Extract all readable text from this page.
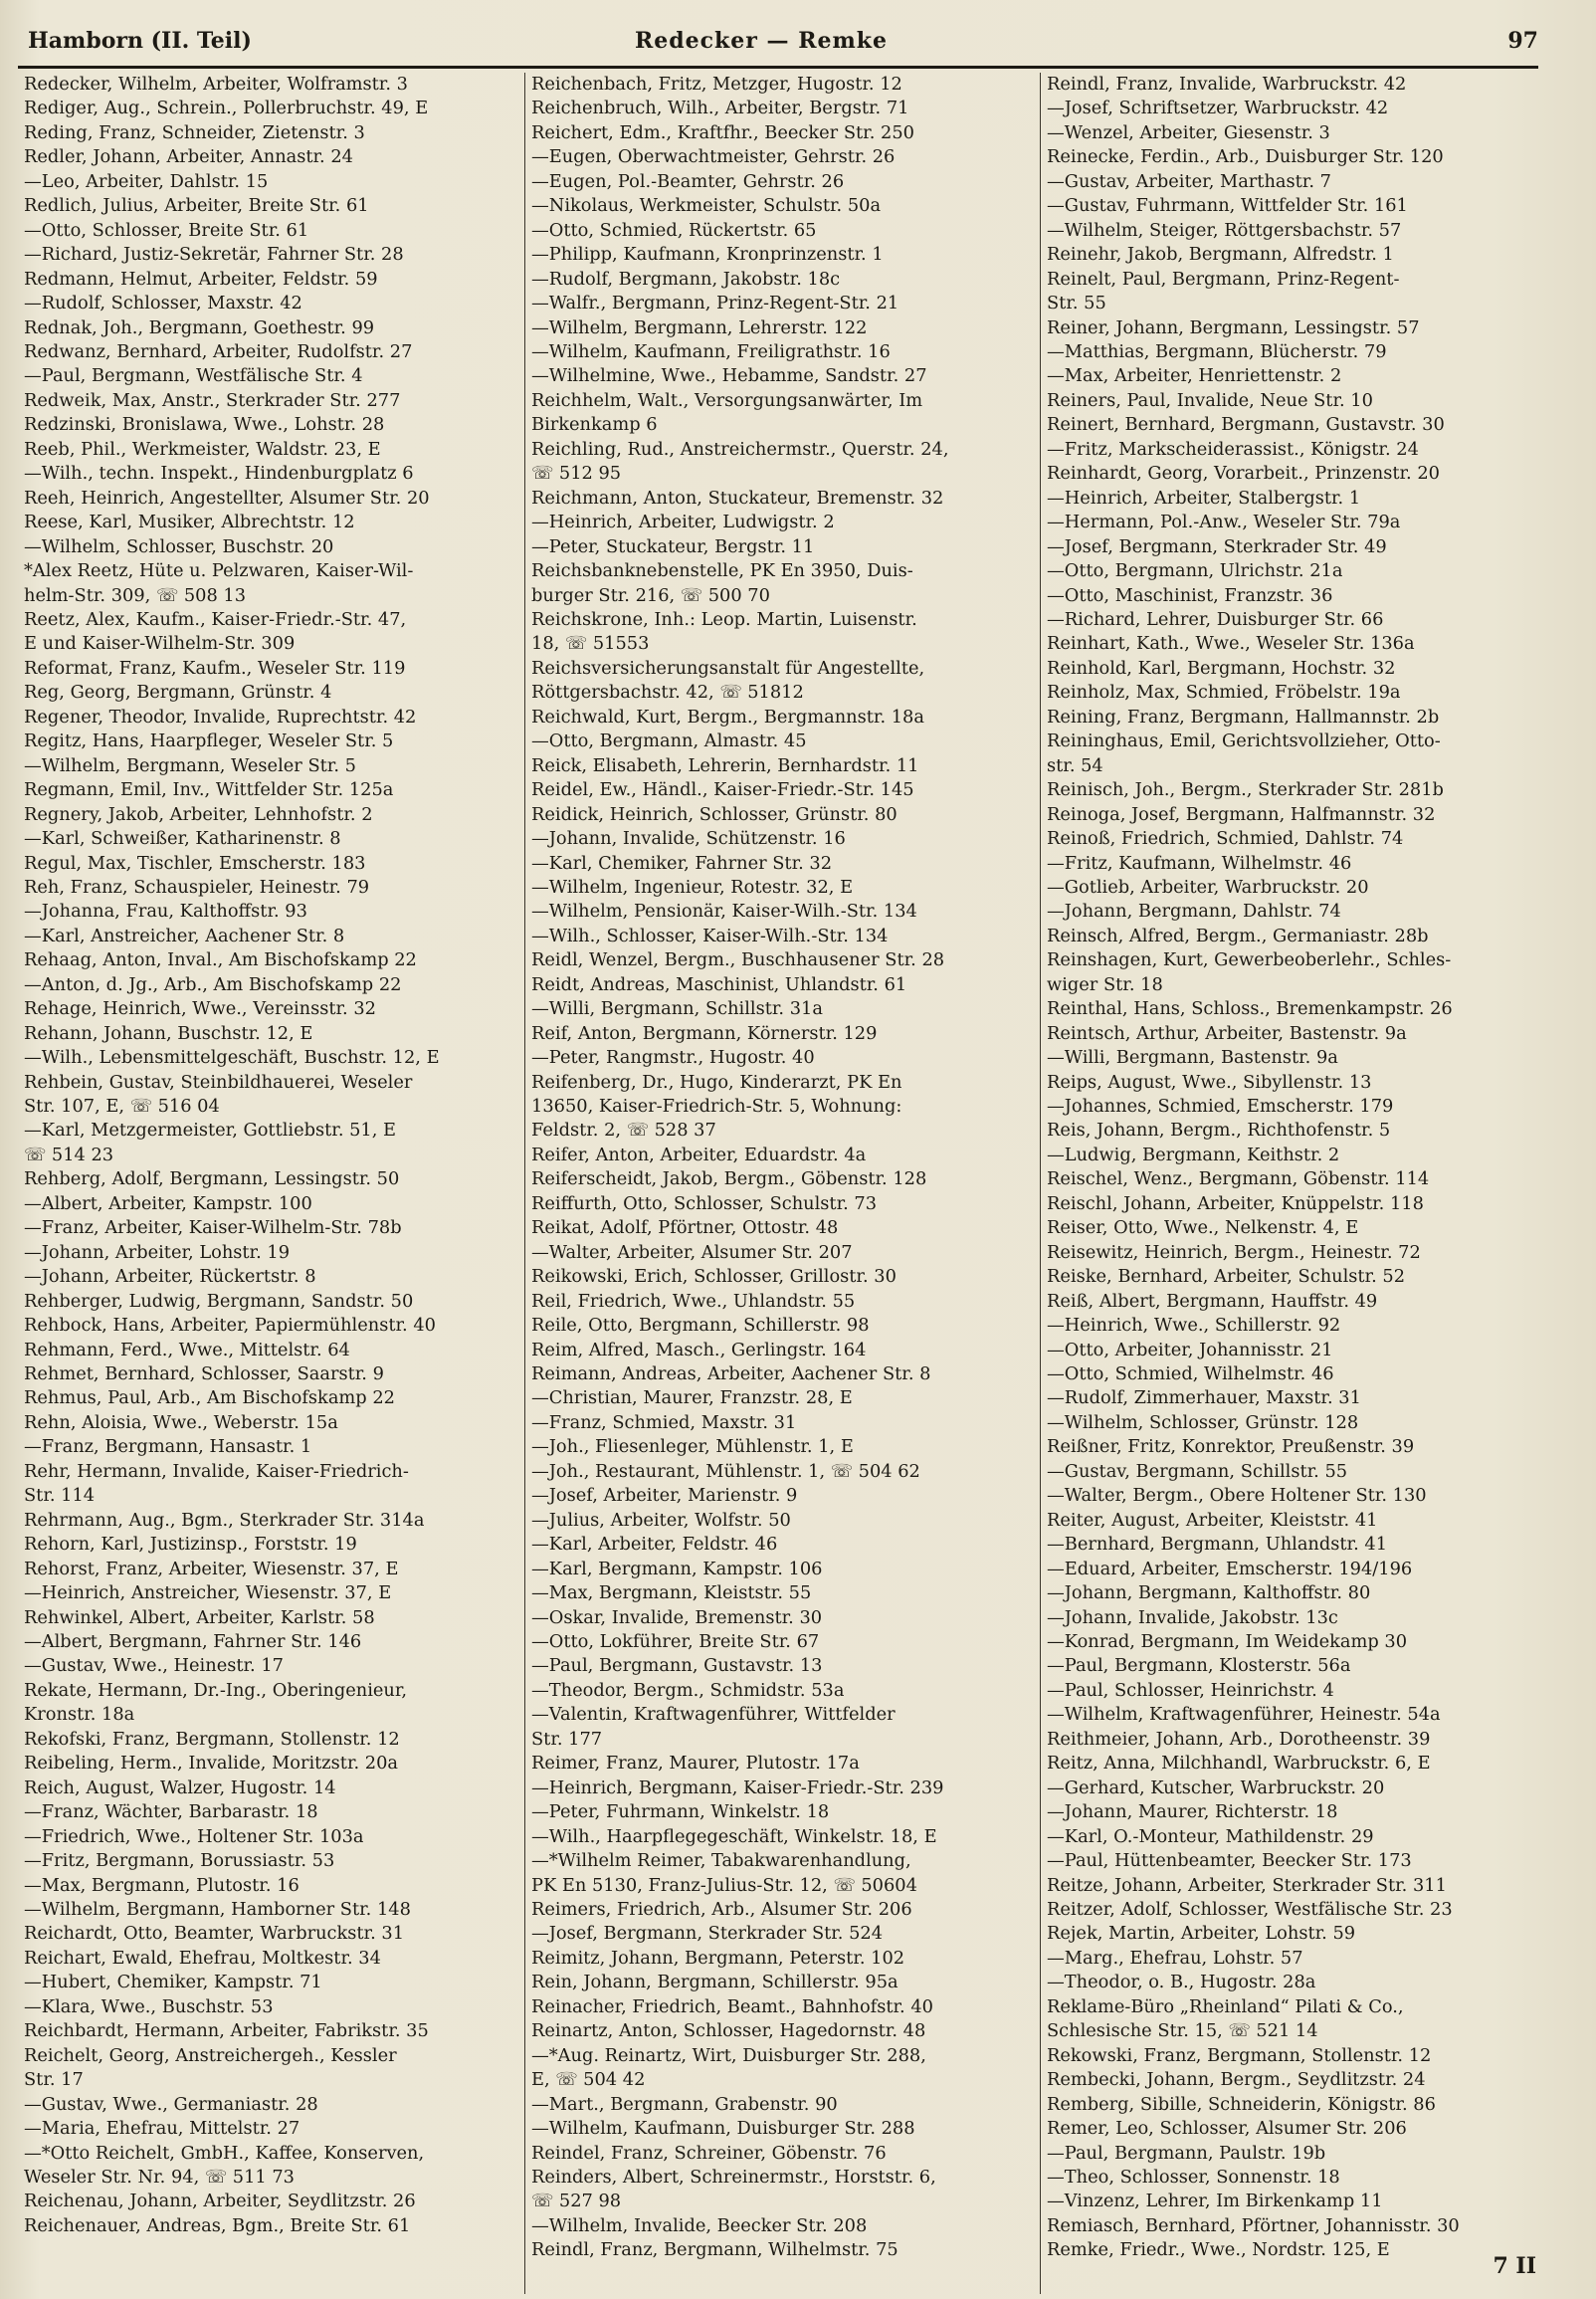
Hamborn (II. Teil)	Redecker — Remke	97
Redecker, Wilhelm, Arbeiter, Wolframstr. 3
Rediger, Aug., Schrein., Pollerbruchstr. 49, E
Reding, Franz, Schneider, Zietenstr. 3
Redler, Johann, Arbeiter, Annastr. 24
—Leo, Arbeiter, Dahlstr. 15
Redlich, Julius, Arbeiter, Breite Str. 61
—Otto, Schlosser, Breite Str. 61
—Richard, Justiz-Sekretär, Fahrner Str. 28
Redmann, Helmut, Arbeiter, Feldstr. 59
—Rudolf, Schlosser, Maxstr. 42
Rednak, Joh., Bergmann, Goethestr. 99
Redwanz, Bernhard, Arbeiter, Rudolfstr. 27
—Paul, Bergmann, Westfälische Str. 4
Redweik, Max, Anstr., Sterkrader Str. 277
Redzinski, Bronislawa, Wwe., Lohstr. 28
Reeb, Phil., Werkmeister, Waldstr. 23, E
—Wilh., techn. Inspekt., Hindenburgplatz 6
Reeh, Heinrich, Angestellter, Alsumer Str. 20
Reese, Karl, Musiker, Albrechtstr. 12
—Wilhelm, Schlosser, Buschstr. 20
*Alex Reetz, Hüte u. Pelzwaren, Kaiser-Wil-
helm-Str. 309, ☏ 508 13
Reetz, Alex, Kaufm., Kaiser-Friedr.-Str. 47,
E und Kaiser-Wilhelm-Str. 309
Reformat, Franz, Kaufm., Weseler Str. 119
Reg, Georg, Bergmann, Grünstr. 4
Regener, Theodor, Invalide, Ruprechtstr. 42
Regitz, Hans, Haarpfleger, Weseler Str. 5
—Wilhelm, Bergmann, Weseler Str. 5
Regmann, Emil, Inv., Wittfelder Str. 125a
Regnery, Jakob, Arbeiter, Lehnhofstr. 2
—Karl, Schweißer, Katharinenstr. 8
Regul, Max, Tischler, Emscherstr. 183
Reh, Franz, Schauspieler, Heinestr. 79
—Johanna, Frau, Kalthoffstr. 93
—Karl, Anstreicher, Aachener Str. 8
Rehaag, Anton, Inval., Am Bischofskamp 22
—Anton, d. Jg., Arb., Am Bischofskamp 22
Rehage, Heinrich, Wwe., Vereinsstr. 32
Rehann, Johann, Buschstr. 12, E
—Wilh., Lebensmittelgeschäft, Buschstr. 12, E
Rehbein, Gustav, Steinbildhauerei, Weseler
Str. 107, E, ☏ 516 04
—Karl, Metzgermeister, Gottliebstr. 51, E
☏ 514 23
Rehberg, Adolf, Bergmann, Lessingstr. 50
—Albert, Arbeiter, Kampstr. 100
—Franz, Arbeiter, Kaiser-Wilhelm-Str. 78b
—Johann, Arbeiter, Lohstr. 19
—Johann, Arbeiter, Rückertstr. 8
Rehberger, Ludwig, Bergmann, Sandstr. 50
Rehbock, Hans, Arbeiter, Papiermühlenstr. 40
Rehmann, Ferd., Wwe., Mittelstr. 64
Rehmet, Bernhard, Schlosser, Saarstr. 9
Rehmus, Paul, Arb., Am Bischofskamp 22
Rehn, Aloisia, Wwe., Weberstr. 15a
—Franz, Bergmann, Hansastr. 1
Rehr, Hermann, Invalide, Kaiser-Friedrich-
Str. 114
Rehrmann, Aug., Bgm., Sterkrader Str. 314a
Rehorn, Karl, Justizinsp., Forststr. 19
Rehorst, Franz, Arbeiter, Wiesenstr. 37, E
—Heinrich, Anstreicher, Wiesenstr. 37, E
Rehwinkel, Albert, Arbeiter, Karlstr. 58
—Albert, Bergmann, Fahrner Str. 146
—Gustav, Wwe., Heinestr. 17
Rekate, Hermann, Dr.-Ing., Oberingenieur,
Kronstr. 18a
Rekofski, Franz, Bergmann, Stollenstr. 12
Reibeling, Herm., Invalide, Moritzstr. 20a
Reich, August, Walzer, Hugostr. 14
—Franz, Wächter, Barbarastr. 18
—Friedrich, Wwe., Holtener Str. 103a
—Fritz, Bergmann, Borussiastr. 53
—Max, Bergmann, Plutostr. 16
—Wilhelm, Bergmann, Hamborner Str. 148
Reichardt, Otto, Beamter, Warbruckstr. 31
Reichart, Ewald, Ehefrau, Moltkestr. 34
—Hubert, Chemiker, Kampstr. 71
—Klara, Wwe., Buschstr. 53
Reichbardt, Hermann, Arbeiter, Fabrikstr. 35
Reichelt, Georg, Anstreichergeh., Kessler
Str. 17
—Gustav, Wwe., Germaniastr. 28
—Maria, Ehefrau, Mittelstr. 27
—*Otto Reichelt, GmbH., Kaffee, Konserven,
Weseler Str. Nr. 94, ☏ 511 73
Reichenau, Johann, Arbeiter, Seydlitzstr. 26
Reichenauer, Andreas, Bgm., Breite Str. 61
Reichenbach, Fritz, Metzger, Hugostr. 12
Reichenbruch, Wilh., Arbeiter, Bergstr. 71
Reichert, Edm., Kraftfhr., Beecker Str. 250
—Eugen, Oberwachtmeister, Gehrstr. 26
—Eugen, Pol.-Beamter, Gehrstr. 26
—Nikolaus, Werkmeister, Schulstr. 50a
—Otto, Schmied, Rückertstr. 65
—Philipp, Kaufmann, Kronprinzenstr. 1
—Rudolf, Bergmann, Jakobstr. 18c
—Walfr., Bergmann, Prinz-Regent-Str. 21
—Wilhelm, Bergmann, Lehrerstr. 122
—Wilhelm, Kaufmann, Freiligrathstr. 16
—Wilhelmine, Wwe., Hebamme, Sandstr. 27
Reichhelm, Walt., Versorgungsanwärter, Im
Birkenkamp 6
Reichling, Rud., Anstreichermstr., Querstr. 24,
☏ 512 95
Reichmann, Anton, Stuckateur, Bremenstr. 32
—Heinrich, Arbeiter, Ludwigstr. 2
—Peter, Stuckateur, Bergstr. 11
Reichsbanknebenstelle, PK En 3950, Duis-
burger Str. 216, ☏ 500 70
Reichskrone, Inh.: Leop. Martin, Luisenstr.
18, ☏ 51553
Reichsversicherungsanstalt für Angestellte,
Röttgersbachstr. 42, ☏ 51812
Reichwald, Kurt, Bergm., Bergmannstr. 18a
—Otto, Bergmann, Almastr. 45
Reick, Elisabeth, Lehrerin, Bernhardstr. 11
Reidel, Ew., Händl., Kaiser-Friedr.-Str. 145
Reidick, Heinrich, Schlosser, Grünstr. 80
—Johann, Invalide, Schützenstr. 16
—Karl, Chemiker, Fahrner Str. 32
—Wilhelm, Ingenieur, Rotestr. 32, E
—Wilhelm, Pensionär, Kaiser-Wilh.-Str. 134
—Wilh., Schlosser, Kaiser-Wilh.-Str. 134
Reidl, Wenzel, Bergm., Buschhausener Str. 28
Reidt, Andreas, Maschinist, Uhlandstr. 61
—Willi, Bergmann, Schillstr. 31a
Reif, Anton, Bergmann, Körnerstr. 129
—Peter, Rangmstr., Hugostr. 40
Reifenberg, Dr., Hugo, Kinderarzt, PK En
13650, Kaiser-Friedrich-Str. 5, Wohnung:
Feldstr. 2, ☏ 528 37
Reifer, Anton, Arbeiter, Eduardstr. 4a
Reiferscheidt, Jakob, Bergm., Göbenstr. 128
Reiffurth, Otto, Schlosser, Schulstr. 73
Reikat, Adolf, Pförtner, Ottostr. 48
—Walter, Arbeiter, Alsumer Str. 207
Reikowski, Erich, Schlosser, Grillostr. 30
Reil, Friedrich, Wwe., Uhlandstr. 55
Reile, Otto, Bergmann, Schillerstr. 98
Reim, Alfred, Masch., Gerlingstr. 164
Reimann, Andreas, Arbeiter, Aachener Str. 8
—Christian, Maurer, Franzstr. 28, E
—Franz, Schmied, Maxstr. 31
—Joh., Fliesenleger, Mühlenstr. 1, E
—Joh., Restaurant, Mühlenstr. 1, ☏ 504 62
—Josef, Arbeiter, Marienstr. 9
—Julius, Arbeiter, Wolfstr. 50
—Karl, Arbeiter, Feldstr. 46
—Karl, Bergmann, Kampstr. 106
—Max, Bergmann, Kleiststr. 55
—Oskar, Invalide, Bremenstr. 30
—Otto, Lokführer, Breite Str. 67
—Paul, Bergmann, Gustavstr. 13
—Theodor, Bergm., Schmidstr. 53a
—Valentin, Kraftwagenführer, Wittfelder
Str. 177
Reimer, Franz, Maurer, Plutostr. 17a
—Heinrich, Bergmann, Kaiser-Friedr.-Str. 239
—Peter, Fuhrmann, Winkelstr. 18
—Wilh., Haarpflegegeschäft, Winkelstr. 18, E
—*Wilhelm Reimer, Tabakwarenhandlung,
PK En 5130, Franz-Julius-Str. 12, ☏ 50604
Reimers, Friedrich, Arb., Alsumer Str. 206
—Josef, Bergmann, Sterkrader Str. 524
Reimitz, Johann, Bergmann, Peterstr. 102
Rein, Johann, Bergmann, Schillerstr. 95a
Reinacher, Friedrich, Beamt., Bahnhofstr. 40
Reinartz, Anton, Schlosser, Hagedornstr. 48
—*Aug. Reinartz, Wirt, Duisburger Str. 288,
E, ☏ 504 42
—Mart., Bergmann, Grabenstr. 90
—Wilhelm, Kaufmann, Duisburger Str. 288
Reindel, Franz, Schreiner, Göbenstr. 76
Reinders, Albert, Schreinermstr., Horststr. 6,
☏ 527 98
—Wilhelm, Invalide, Beecker Str. 208
Reindl, Franz, Bergmann, Wilhelmstr. 75
Reindl, Franz, Invalide, Warbruckstr. 42
—Josef, Schriftsetzer, Warbruckstr. 42
—Wenzel, Arbeiter, Giesenstr. 3
Reinecke, Ferdin., Arb., Duisburger Str. 120
—Gustav, Arbeiter, Marthastr. 7
—Gustav, Fuhrmann, Wittfelder Str. 161
—Wilhelm, Steiger, Röttgersbachstr. 57
Reinehr, Jakob, Bergmann, Alfredstr. 1
Reinelt, Paul, Bergmann, Prinz-Regent-
Str. 55
Reiner, Johann, Bergmann, Lessingstr. 57
—Matthias, Bergmann, Blücherstr. 79
—Max, Arbeiter, Henriettenstr. 2
Reiners, Paul, Invalide, Neue Str. 10
Reinert, Bernhard, Bergmann, Gustavstr. 30
—Fritz, Markscheiderassist., Königstr. 24
Reinhardt, Georg, Vorarbeit., Prinzenstr. 20
—Heinrich, Arbeiter, Stalbergstr. 1
—Hermann, Pol.-Anw., Weseler Str. 79a
—Josef, Bergmann, Sterkrader Str. 49
—Otto, Bergmann, Ulrichstr. 21a
—Otto, Maschinist, Franzstr. 36
—Richard, Lehrer, Duisburger Str. 66
Reinhart, Kath., Wwe., Weseler Str. 136a
Reinhold, Karl, Bergmann, Hochstr. 32
Reinholz, Max, Schmied, Fröbelstr. 19a
Reining, Franz, Bergmann, Hallmannstr. 2b
Reininghaus, Emil, Gerichtsvollzieher, Otto-
str. 54
Reinisch, Joh., Bergm., Sterkrader Str. 281b
Reinoga, Josef, Bergmann, Halfmannstr. 32
Reinoß, Friedrich, Schmied, Dahlstr. 74
—Fritz, Kaufmann, Wilhelmstr. 46
—Gotlieb, Arbeiter, Warbruckstr. 20
—Johann, Bergmann, Dahlstr. 74
Reinsch, Alfred, Bergm., Germaniastr. 28b
Reinshagen, Kurt, Gewerbeoberlehr., Schles-
wiger Str. 18
Reinthal, Hans, Schloss., Bremenkampstr. 26
Reintsch, Arthur, Arbeiter, Bastenstr. 9a
—Willi, Bergmann, Bastenstr. 9a
Reips, August, Wwe., Sibyllenstr. 13
—Johannes, Schmied, Emscherstr. 179
Reis, Johann, Bergm., Richthofenstr. 5
—Ludwig, Bergmann, Keithstr. 2
Reischel, Wenz., Bergmann, Göbenstr. 114
Reischl, Johann, Arbeiter, Knüppelstr. 118
Reiser, Otto, Wwe., Nelkenstr. 4, E
Reisewitz, Heinrich, Bergm., Heinestr. 72
Reiske, Bernhard, Arbeiter, Schulstr. 52
Reiß, Albert, Bergmann, Hauffstr. 49
—Heinrich, Wwe., Schillerstr. 92
—Otto, Arbeiter, Johannisstr. 21
—Otto, Schmied, Wilhelmstr. 46
—Rudolf, Zimmerhauer, Maxstr. 31
—Wilhelm, Schlosser, Grünstr. 128
Reißner, Fritz, Konrektor, Preußenstr. 39
—Gustav, Bergmann, Schillstr. 55
—Walter, Bergm., Obere Holtener Str. 130
Reiter, August, Arbeiter, Kleiststr. 41
—Bernhard, Bergmann, Uhlandstr. 41
—Eduard, Arbeiter, Emscherstr. 194/196
—Johann, Bergmann, Kalthoffstr. 80
—Johann, Invalide, Jakobstr. 13c
—Konrad, Bergmann, Im Weidekamp 30
—Paul, Bergmann, Klosterstr. 56a
—Paul, Schlosser, Heinrichstr. 4
—Wilhelm, Kraftwagenführer, Heinestr. 54a
Reithmeier, Johann, Arb., Dorotheenstr. 39
Reitz, Anna, Milchhandl, Warbruckstr. 6, E
—Gerhard, Kutscher, Warbruckstr. 20
—Johann, Maurer, Richterstr. 18
—Karl, O.-Monteur, Mathildenstr. 29
—Paul, Hüttenbeamter, Beecker Str. 173
Reitze, Johann, Arbeiter, Sterkrader Str. 311
Reitzer, Adolf, Schlosser, Westfälische Str. 23
Rejek, Martin, Arbeiter, Lohstr. 59
—Marg., Ehefrau, Lohstr. 57
—Theodor, o. B., Hugostr. 28a
Reklame-Büro „Rheinland“ Pilati & Co.,
Schlesische Str. 15, ☏ 521 14
Rekowski, Franz, Bergmann, Stollenstr. 12
Rembecki, Johann, Bergm., Seydlitzstr. 24
Remberg, Sibille, Schneiderin, Königstr. 86
Remer, Leo, Schlosser, Alsumer Str. 206
—Paul, Bergmann, Paulstr. 19b
—Theo, Schlosser, Sonnenstr. 18
—Vinzenz, Lehrer, Im Birkenkamp 11
Remiasch, Bernhard, Pförtner, Johannisstr. 30
Remke, Friedr., Wwe., Nordstr. 125, E
7 II
